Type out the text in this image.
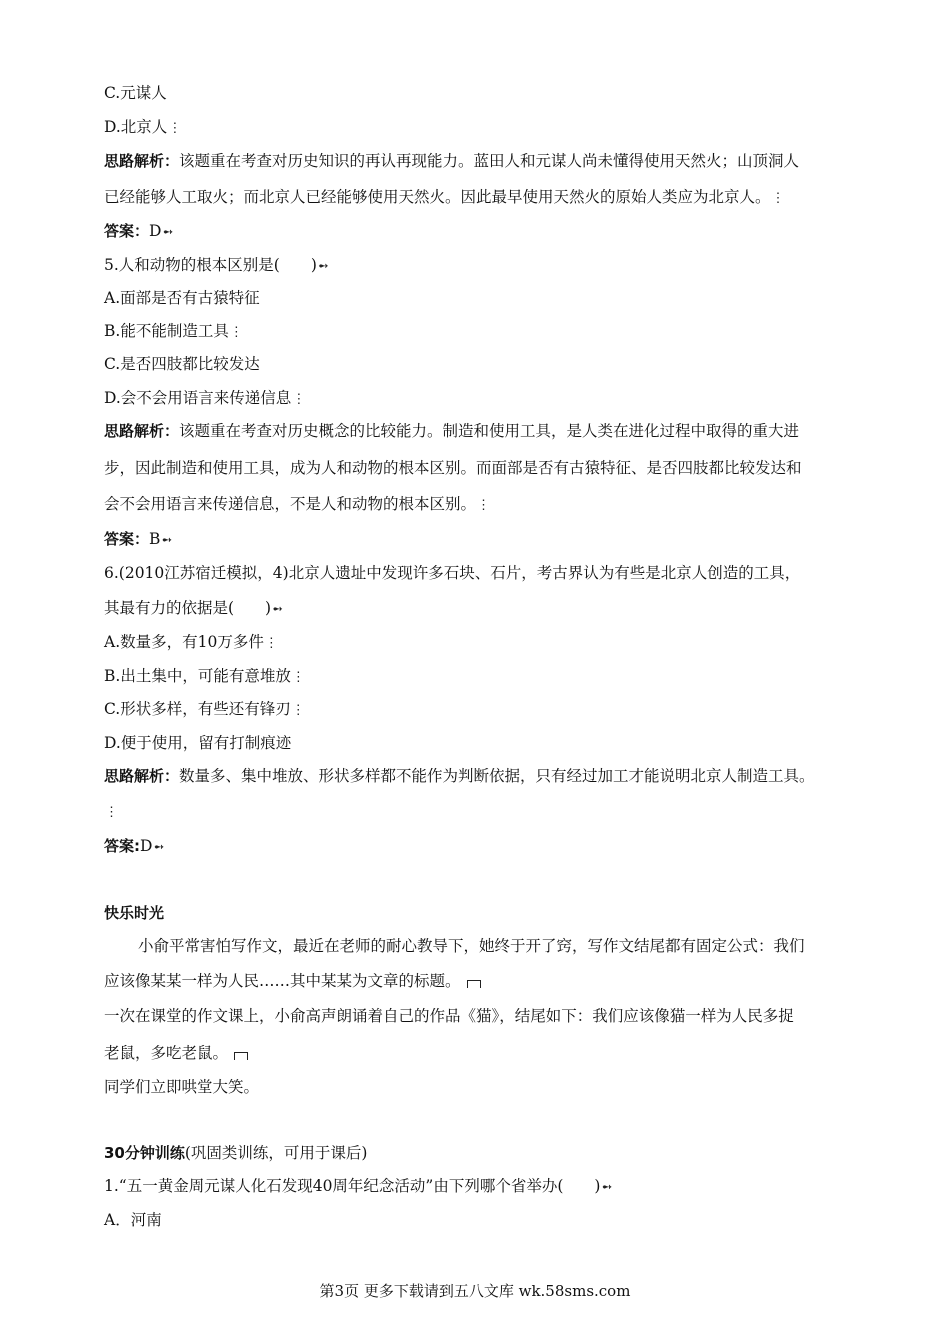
C.元谋人
D.北京人⋮
思路解析：该题重在考查对历史知识的再认再现能力。蓝田人和元谋人尚未懂得使用天然火；山顶洞人
已经能够人工取火；而北京人已经能够使用天然火。因此最早使用天然火的原始人类应为北京人。⋮
答案：D➻
5.人和动物的根本区别是(　　)➻
A.面部是否有古猿特征
B.能不能制造工具⋮
C.是否四肢都比较发达
D.会不会用语言来传递信息⋮
思路解析：该题重在考查对历史概念的比较能力。制造和使用工具，是人类在进化过程中取得的重大进
步，因此制造和使用工具，成为人和动物的根本区别。而面部是否有古猿特征、是否四肢都比较发达和
会不会用语言来传递信息，不是人和动物的根本区别。⋮
答案：B➻
6.(2010江苏宿迁模拟，4)北京人遗址中发现许多石块、石片，考古界认为有些是北京人创造的工具，
其最有力的依据是(　　)➻
A.数量多，有10万多件⋮
B.出土集中，可能有意堆放⋮
C.形状多样，有些还有锋刃⋮
D.便于使用，留有打制痕迹
思路解析：数量多、集中堆放、形状多样都不能作为判断依据，只有经过加工才能说明北京人制造工具。
⋮
答案:D➻
快乐时光
小俞平常害怕写作文，最近在老师的耐心教导下，她终于开了窍，写作文结尾都有固定公式：我们
应该像某某一样为人民……其中某某为文章的标题。
一次在课堂的作文课上，小俞高声朗诵着自己的作品《猫》，结尾如下：我们应该像猫一样为人民多捉
老鼠，多吃老鼠。
同学们立即哄堂大笑。
30分钟训练(巩固类训练，可用于课后)
1.“五一黄金周元谋人化石发现40周年纪念活动”由下列哪个省举办(　　)➻
A．河南
第3页 更多下载请到五八文库 wk.58sms.com
